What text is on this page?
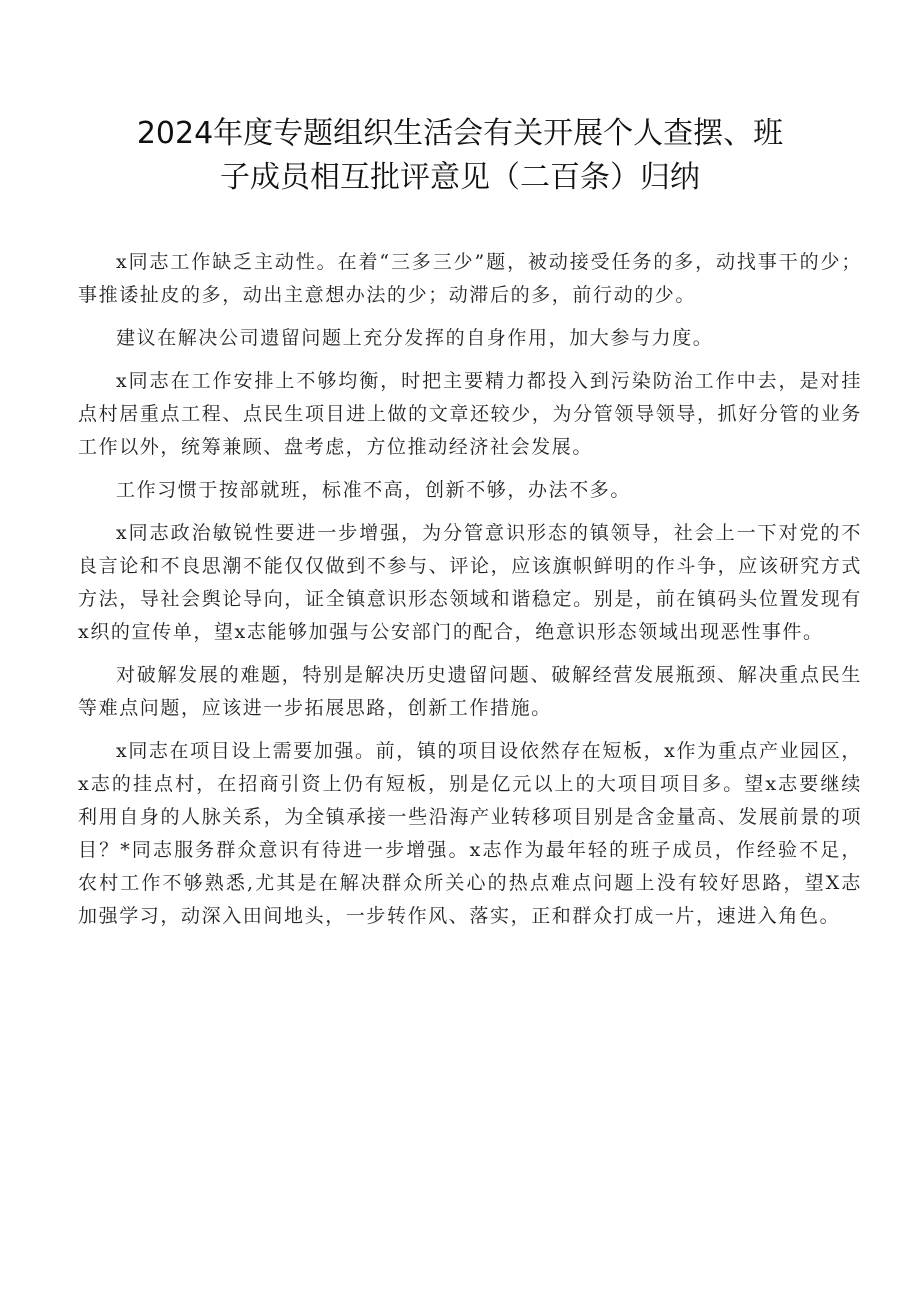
2024年度专题组织生活会有关开展个人查摆、班
子成员相互批评意见（二百条）归纳

x同志工作缺乏主动性。在着“三多三少”题，被动接受任务的多，动找事干的少；事推诿扯皮的多，动出主意想办法的少；动滞后的多，前行动的少。

建议在解决公司遗留问题上充分发挥的自身作用，加大参与力度。

x同志在工作安排上不够均衡，时把主要精力都投入到污染防治工作中去，是对挂点村居重点工程、点民生项目进上做的文章还较少，为分管领导领导，抓好分管的业务工作以外，统筹兼顾、盘考虑，方位推动经济社会发展。

工作习惯于按部就班，标准不高，创新不够，办法不多。

x同志政治敏锐性要进一步增强，为分管意识形态的镇领导，社会上一下对党的不良言论和不良思潮不能仅仅做到不参与、评论，应该旗帜鲜明的作斗争，应该研究方式方法，导社会舆论导向，证全镇意识形态领域和谐稳定。别是，前在镇码头位置发现有x织的宣传单，望x志能够加强与公安部门的配合，绝意识形态领域出现恶性事件。

对破解发展的难题，特别是解决历史遗留问题、破解经营发展瓶颈、解决重点民生等难点问题，应该进一步拓展思路，创新工作措施。

x同志在项目设上需要加强。前，镇的项目设依然存在短板，x作为重点产业园区，x志的挂点村，在招商引资上仍有短板，别是亿元以上的大项目项目多。望x志要继续利用自身的人脉关系，为全镇承接一些沿海产业转移项目别是含金量高、发展前景的项目？*同志服务群众意识有待进一步增强。x志作为最年轻的班子成员，作经验不足，农村工作不够熟悉,尤其是在解决群众所关心的热点难点问题上没有较好思路，望X志加强学习，动深入田间地头，一步转作风、落实，正和群众打成一片，速进入角色。
